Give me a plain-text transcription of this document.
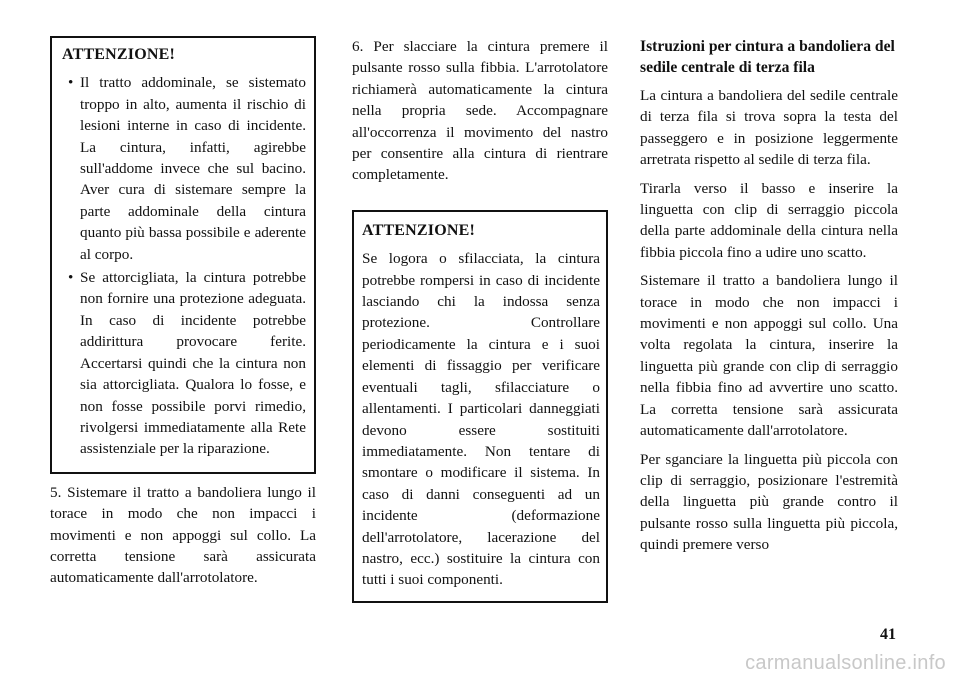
ATTENZIONE!
• Il tratto addominale, se sistemato troppo in alto, aumenta il rischio di lesioni interne in caso di incidente. La cintura, infatti, agirebbe sull'addome invece che sul bacino. Aver cura di sistemare sempre la parte addominale della cintura quanto più bassa possibile e aderente al corpo.
• Se attorcigliata, la cintura potrebbe non fornire una protezione adeguata. In caso di incidente potrebbe addirittura provocare ferite. Accertarsi quindi che la cintura non sia attorcigliata. Qualora lo fosse, e non fosse possibile porvi rimedio, rivolgersi immediatamente alla Rete assistenziale per la riparazione.

5. Sistemare il tratto a bandoliera lungo il torace in modo che non impacci i movimenti e non appoggi sul collo. La corretta tensione sarà assicurata automaticamente dall'arrotolatore.

6. Per slacciare la cintura premere il pulsante rosso sulla fibbia. L'arrotolatore richiamerà automaticamente la cintura nella propria sede. Accompagnare all'occorrenza il movimento del nastro per consentire alla cintura di rientrare completamente.

ATTENZIONE!

Se logora o sfilacciata, la cintura potrebbe rompersi in caso di incidente lasciando chi la indossa senza protezione. Controllare periodicamente la cintura e i suoi elementi di fissaggio per verificare eventuali tagli, sfilacciature o allentamenti. I particolari danneggiati devono essere sostituiti immediatamente. Non tentare di smontare o modificare il sistema. In caso di danni conseguenti ad un incidente (deformazione dell'arrotolatore, lacerazione del nastro, ecc.) sostituire la cintura con tutti i suoi componenti.

Istruzioni per cintura a bandoliera del sedile centrale di terza fila

La cintura a bandoliera del sedile centrale di terza fila si trova sopra la testa del passeggero e in posizione leggermente arretrata rispetto al sedile di terza fila.

Tirarla verso il basso e inserire la linguetta con clip di serraggio piccola della parte addominale della cintura nella fibbia piccola fino a udire uno scatto.

Sistemare il tratto a bandoliera lungo il torace in modo che non impacci i movimenti e non appoggi sul collo. Una volta regolata la cintura, inserire la linguetta più grande con clip di serraggio nella fibbia fino ad avvertire uno scatto. La corretta tensione sarà assicurata automaticamente dall'arrotolatore.

Per sganciare la linguetta più piccola con clip di serraggio, posizionare l'estremità della linguetta più grande contro il pulsante rosso sulla linguetta più piccola, quindi premere verso

41
carmanualsonline.info
